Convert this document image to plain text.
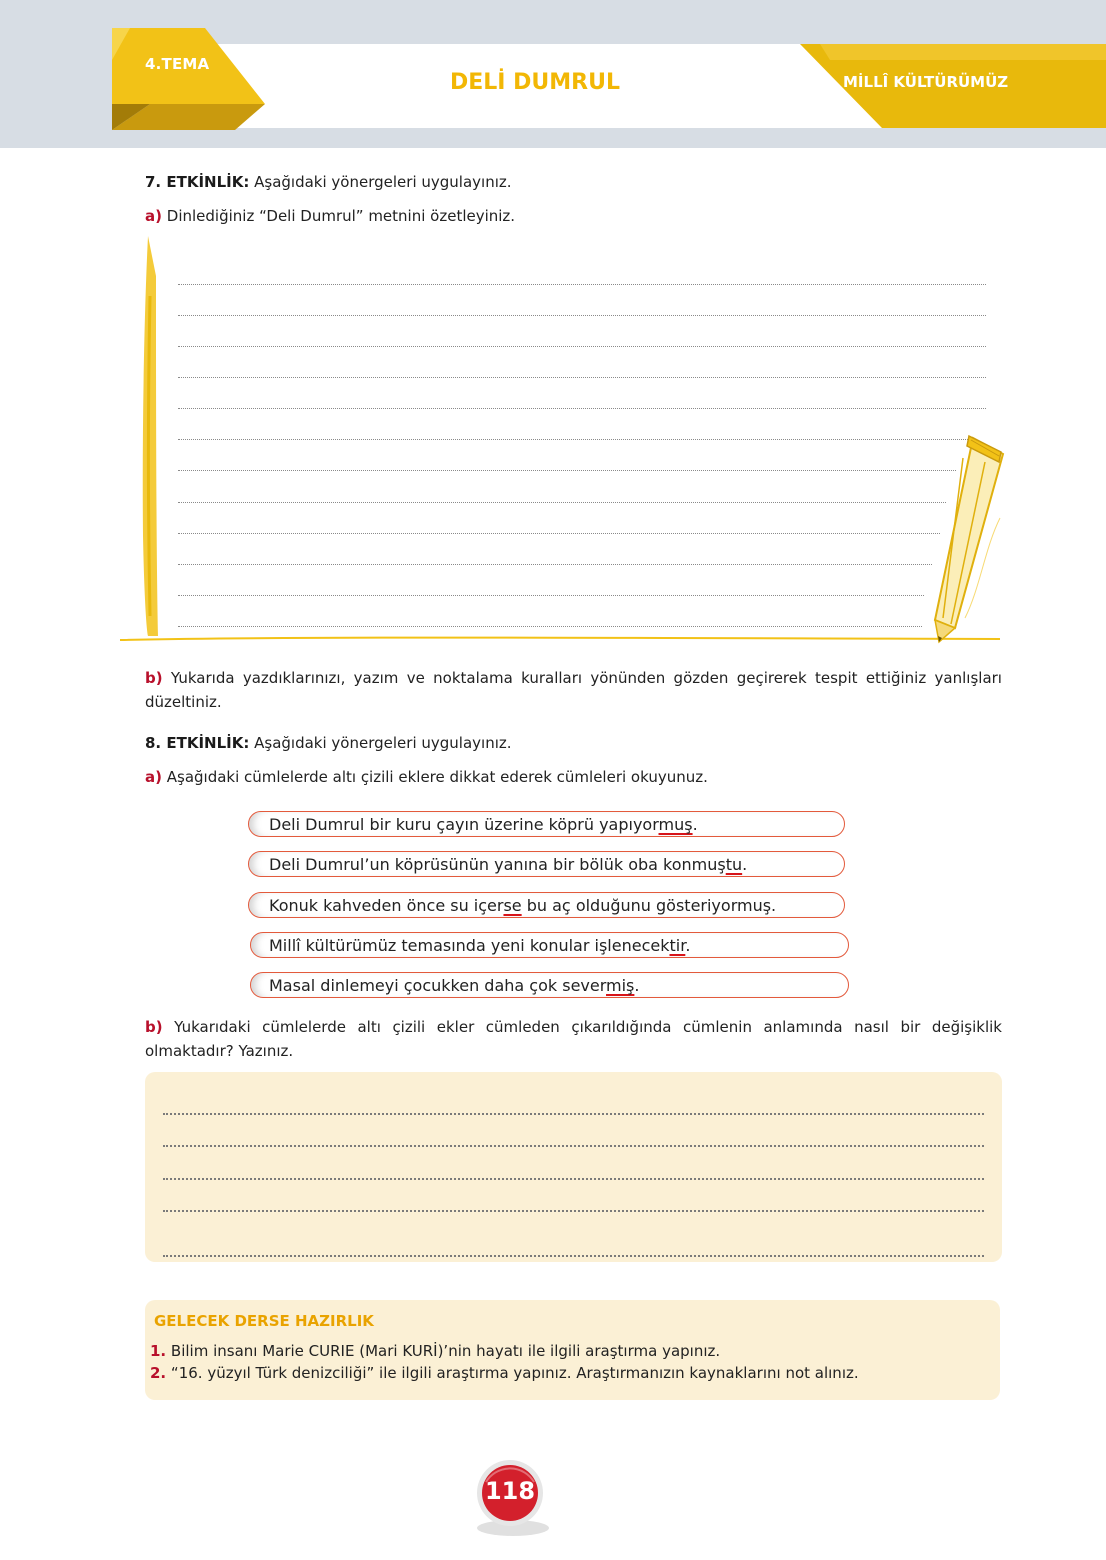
4.TEMA
DELİ DUMRUL	MİLLÎ KÜLTÜRÜMÜZ
7. ETKİNLİK: Aşağıdaki yönergeleri uygulayınız.
a) Dinlediğiniz “Deli Dumrul” metnini özetleyiniz.
b) Yukarıda yazdıklarınızı, yazım ve noktalama kuralları yönünden gözden geçirerek tespit ettiğiniz yanlışları düzeltiniz.
8. ETKİNLİK: Aşağıdaki yönergeleri uygulayınız.
a) Aşağıdaki cümlelerde altı çizili eklere dikkat ederek cümleleri okuyunuz.
Deli Dumrul bir kuru çayın üzerine köprü yapıyormuş.
Deli Dumrul’un köprüsünün yanına bir bölük oba konmuştu.
Konuk kahveden önce su içerse bu aç olduğunu gösteriyormuş.
Millî kültürümüz temasında yeni konular işlenecektir.
Masal dinlemeyi çocukken daha çok severmiş.
b) Yukarıdaki cümlelerde altı çizili ekler cümleden çıkarıldığında cümlenin anlamında nasıl bir değişiklik olmaktadır? Yazınız.
GELECEK DERSE HAZIRLIK
1. Bilim insanı Marie CURIE (Mari KURİ)’nin hayatı ile ilgili araştırma yapınız.
2. “16. yüzyıl Türk denizciliği” ile ilgili araştırma yapınız. Araştırmanızın kaynaklarını not alınız.
118
